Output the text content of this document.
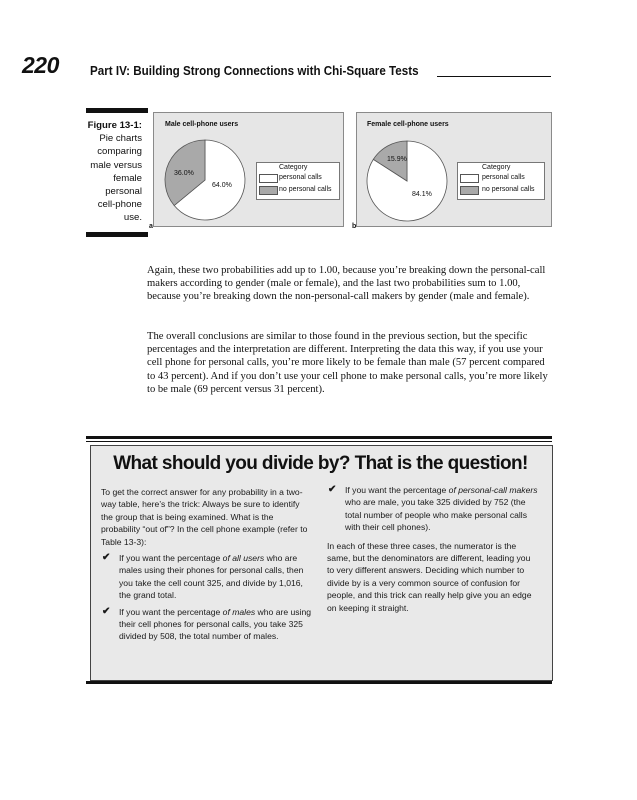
220 Part IV: Building Strong Connections with Chi-Square Tests
Figure 13-1:
Pie charts
comparing
male versus
female
personal
cell-phone
use.
Male cell-phone users
36.0%
64.0%
Category
personal calls
no personal calls
a
Female cell-phone users
15.9%
84.1%
Category
personal calls
no personal calls
b

Again, these two probabilities add up to 1.00, because you’re breaking down the personal-call makers according to gender (male or female), and the last two probabilities sum to 1.00, because you’re breaking down the non-personal-call makers by gender (male and female).

The overall conclusions are similar to those found in the previous section, but the specific percentages and the interpretation are different. Interpreting the data this way, if you use your cell phone for personal calls, you’re more likely to be female than male (57 percent compared to 43 percent). And if you don’t use your cell phone to make personal calls, you’re more likely to be male (69 percent versus 31 percent).

What should you divide by? That is the question!

To get the correct answer for any probability in a two-way table, here’s the trick: Always be sure to identify the group that is being examined. What is the probability “out of”? In the cell phone example (refer to Table 13-3):

✔ If you want the percentage of all users who are males using their phones for personal calls, then you take the cell count 325, and divide by 1,016, the grand total.

✔ If you want the percentage of males who are using their cell phones for personal calls, you take 325 divided by 508, the total number of males.

✔ If you want the percentage of personal-call makers who are male, you take 325 divided by 752 (the total number of people who make personal calls with their cell phones).

In each of these three cases, the numerator is the same, but the denominators are different, leading you to very different answers. Deciding which number to divide by is a very common source of confusion for people, and this trick can really help give you an edge on keeping it straight.
